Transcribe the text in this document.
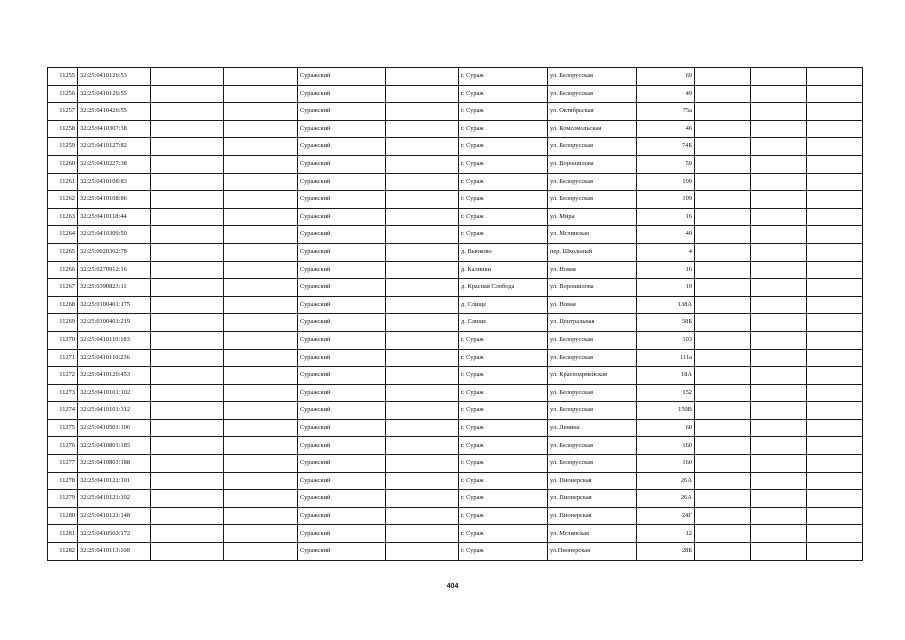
11255	32:25:0410126:53			Суражский		г. Сураж	ул. Белорусская	69			
11256	32:25:0410126:55			Суражский		г. Сураж	ул. Белорусская	49			
11257	32:25:0410426:55			Суражский		г. Сураж	ул. Октябрьская	75а			
11258	32:25:0410307:38			Суражский		г. Сураж	ул. Комсомольская	46			
11259	32:25:0410127:82			Суражский		г. Сураж	ул. Белорусская	74Б			
11260	32:25:0410227:38			Суражский		г. Сураж	ул. Ворошилова	59			
11261	32:25:0410108:83			Суражский		г. Сураж	ул. Белорусская	109			
11262	32:25:0410108:86			Суражский		г. Сураж	ул. Белорусская	109			
11263	32:25:0410118:44			Суражский		г. Сураж	ул. Мира	16			
11264	32:25:0410309:50			Суражский		г. Сураж	ул. Мглинская	40			
11265	32:25:0020302:78			Суражский		д. Вьюково	пер. Школьный	4			
11266	32:25:0270912:16			Суражский		д. Калинки	ул. Новая	16			
11267	32:25:0390823:11			Суражский		д. Красная Слобода	ул. Ворошилова	19			
11268	32:25:0100401:175			Суражский		д. Слище	ул. Новая	138А			
11269	32:25:0100401:219			Суражский		д. Слище	ул. Центральная	58Б			
11270	32:25:0410110:183			Суражский		г. Сураж	ул. Белорусская	103			
11271	32:25:0410110:236			Суражский		г. Сураж	ул. Белорусская	111а			
11272	32:25:0410120:453			Суражский		г. Сураж	ул. Красноармейская	18А			
11273	32:25:0410101:102			Суражский		г. Сураж	ул. Белорусская	152			
11274	32:25:0410101:312			Суражский		г. Сураж	ул. Белорусская	150В			
11275	32:25:0410501:106			Суражский		г. Сураж	ул. Ленина	60			
11276	32:25:0410801:185			Суражский		г. Сураж	ул. Белорусская	160			
11277	32:25:0410801:188			Суражский		г. Сураж	ул. Белорусская	160			
11278	32:25:0410121:101			Суражский		г. Сураж	ул. Пионерская	26А			
11279	32:25:0410121:102			Суражский		г. Сураж	ул. Пионерская	26А			
11280	32:25:0410121:148			Суражский		г. Сураж	ул. Пионерская	24Г			
11281	32:25:0410503:172			Суражский		г. Сураж	ул. Мглинская	12			
11282	32:25:0410113:108			Суражский		г. Сураж	ул.Пионерская	28Б			
404
